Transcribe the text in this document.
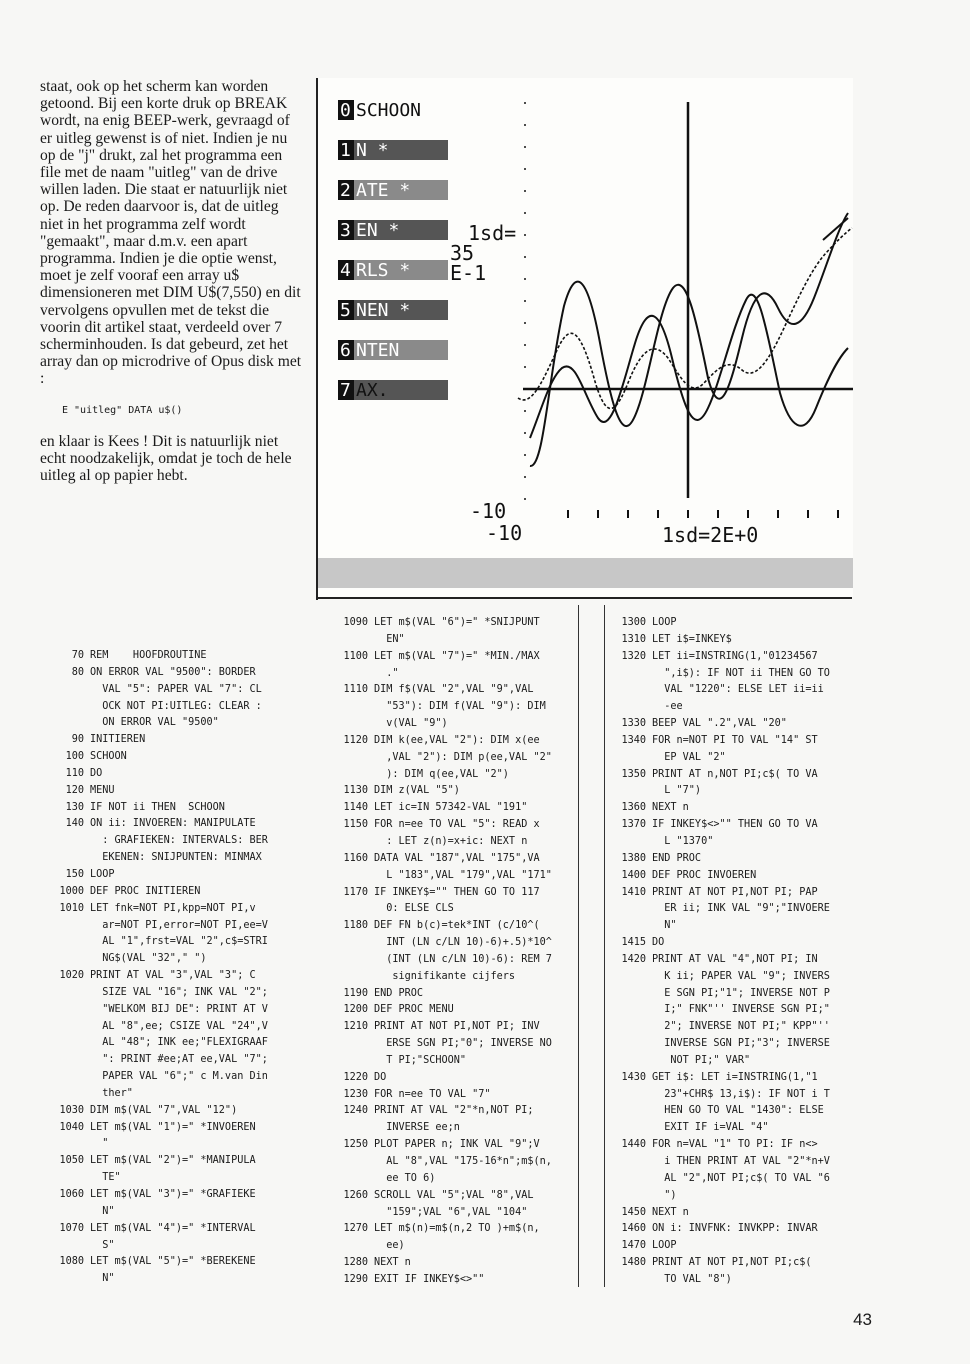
staat, ook op het scherm kan worden getoond. Bij een korte druk op BREAK wordt, na enig BEEP-werk, gevraagd of er uitleg gewenst is of niet. Indien je nu op de "j" drukt, zal het programma een file met de naam "uitleg" van de drive willen laden. Die staat er natuurlijk niet op. De reden daarvoor is, dat de uitleg niet in het programma zelf wordt "gemaakt", maar d.m.v. een apart programma. Indien je die optie wenst, moet je zelf vooraf een array u$ dimensioneren met DIM U$(7,550) en dit vervolgens opvullen met de tekst die voorin dit artikel staat, verdeeld over 7 scherminhouden. Is dat gebeurd, zet het array dan op microdrive of Opus disk met :

E "uitleg" DATA u$()

en klaar is Kees ! Dit is natuurlijk niet echt noodzakelijk, omdat je toch de hele uitleg al op papier hebt.

0 SCHOON
1 N *
2 ATE *
3 EN *
4 RLS *
5 NEN *
6 NTEN
7 AX.
1sd=
35
E-1
-10
-10	1sd=2E+0
70 REM    HOOFDROUTINE
80 ON ERROR VAL "9500": BORDER
VAL "5": PAPER VAL "7": CL
OCK NOT PI:UITLEG: CLEAR :
ON ERROR VAL "9500"
90 INITIEREN
100 SCHOON
110 DO
120 MENU
130 IF NOT ii THEN  SCHOON
140 ON ii: INVOEREN: MANIPULATE
: GRAFIEKEN: INTERVALS: BER
EKENEN: SNIJPUNTEN: MINMAX
150 LOOP
1000 DEF PROC INITIEREN
1010 LET fnk=NOT PI,kpp=NOT PI,v
ar=NOT PI,error=NOT PI,ee=V
AL "1",frst=VAL "2",c$=STRI
NG$(VAL "32"," ")
1020 PRINT AT VAL "3",VAL "3"; C
SIZE VAL "16"; INK VAL "2";
"WELKOM BIJ DE": PRINT AT V
AL "8",ee; CSIZE VAL "24",V
AL "48"; INK ee;"FLEXIGRAAF
": PRINT #ee;AT ee,VAL "7";
PAPER VAL "6";" c M.van Din
ther"
1030 DIM m$(VAL "7",VAL "12")
1040 LET m$(VAL "1")=" *INVOEREN
"
1050 LET m$(VAL "2")=" *MANIPULA
TE"
1060 LET m$(VAL "3")=" *GRAFIEKE
N"
1070 LET m$(VAL "4")=" *INTERVAL
S"
1080 LET m$(VAL "5")=" *BEREKENE
N"
1090 LET m$(VAL "6")=" *SNIJPUNT
EN"
1100 LET m$(VAL "7")=" *MIN./MAX
."
1110 DIM f$(VAL "2",VAL "9",VAL
"53"): DIM f(VAL "9"): DIM
v(VAL "9")
1120 DIM k(ee,VAL "2"): DIM x(ee
,VAL "2"): DIM p(ee,VAL "2"
): DIM q(ee,VAL "2")
1130 DIM z(VAL "5")
1140 LET ic=IN 57342-VAL "191"
1150 FOR n=ee TO VAL "5": READ x
: LET z(n)=x+ic: NEXT n
1160 DATA VAL "187",VAL "175",VA
L "183",VAL "179",VAL "171"
1170 IF INKEY$="" THEN GO TO 117
0: ELSE CLS
1180 DEF FN b(c)=tek*INT (c/10^(
INT (LN c/LN 10)-6)+.5)*10^
(INT (LN c/LN 10)-6): REM 7
signifikante cijfers
1190 END PROC
1200 DEF PROC MENU
1210 PRINT AT NOT PI,NOT PI; INV
ERSE SGN PI;"0"; INVERSE NO
T PI;"SCHOON"
1220 DO
1230 FOR n=ee TO VAL "7"
1240 PRINT AT VAL "2"*n,NOT PI;
INVERSE ee;n
1250 PLOT PAPER n; INK VAL "9";V
AL "8",VAL "175-16*n";m$(n,
ee TO 6)
1260 SCROLL VAL "5";VAL "8",VAL
"159";VAL "6",VAL "104"
1270 LET m$(n)=m$(n,2 TO )+m$(n,
ee)
1280 NEXT n
1290 EXIT IF INKEY$<>""
1300 LOOP
1310 LET i$=INKEY$
1320 LET ii=INSTRING(1,"01234567
",i$): IF NOT ii THEN GO TO
VAL "1220": ELSE LET ii=ii
-ee
1330 BEEP VAL ".2",VAL "20"
1340 FOR n=NOT PI TO VAL "14" ST
EP VAL "2"
1350 PRINT AT n,NOT PI;c$( TO VA
L "7")
1360 NEXT n
1370 IF INKEY$<>"" THEN GO TO VA
L "1370"
1380 END PROC
1400 DEF PROC INVOEREN
1410 PRINT AT NOT PI,NOT PI; PAP
ER ii; INK VAL "9";"INVOERE
N"
1415 DO
1420 PRINT AT VAL "4",NOT PI; IN
K ii; PAPER VAL "9"; INVERS
E SGN PI;"1"; INVERSE NOT P
I;" FNK"'' INVERSE SGN PI;"
2"; INVERSE NOT PI;" KPP"''
INVERSE SGN PI;"3"; INVERSE
NOT PI;" VAR"
1430 GET i$: LET i=INSTRING(1,"1
23"+CHR$ 13,i$): IF NOT i T
HEN GO TO VAL "1430": ELSE
EXIT IF i=VAL "4"
1440 FOR n=VAL "1" TO PI: IF n<>
i THEN PRINT AT VAL "2"*n+V
AL "2",NOT PI;c$( TO VAL "6
")
1450 NEXT n
1460 ON i: INVFNK: INVKPP: INVAR
1470 LOOP
1480 PRINT AT NOT PI,NOT PI;c$(
TO VAL "8")
43
